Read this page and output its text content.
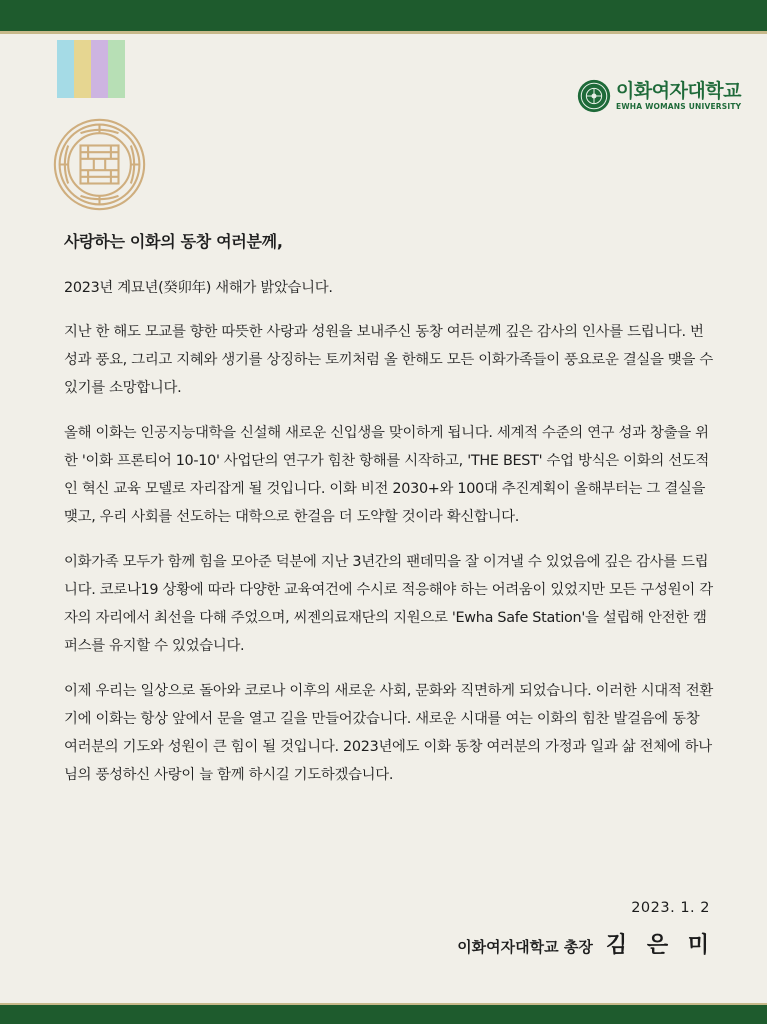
이화여자대학교
EWHA WOMANS UNIVERSITY

사랑하는 이화의 동창 여러분께,

2023년 계묘년(癸卯年) 새해가 밝았습니다.

지난 한 해도 모교를 향한 따뜻한 사랑과 성원을 보내주신 동창 여러분께 깊은 감사의 인사를 드립니다. 번성과 풍요, 그리고 지혜와 생기를 상징하는 토끼처럼 올 한해도 모든 이화가족들이 풍요로운 결실을 맺을 수 있기를 소망합니다.

올해 이화는 인공지능대학을 신설해 새로운 신입생을 맞이하게 됩니다. 세계적 수준의 연구 성과 창출을 위한 '이화 프론티어 10-10' 사업단의 연구가 힘찬 항해를 시작하고, 'THE BEST' 수업 방식은 이화의 선도적인 혁신 교육 모델로 자리잡게 될 것입니다. 이화 비전 2030+와 100대 추진계획이 올해부터는 그 결실을 맺고, 우리 사회를 선도하는 대학으로 한걸음 더 도약할 것이라 확신합니다.

이화가족 모두가 함께 힘을 모아준 덕분에 지난 3년간의 팬데믹을 잘 이겨낼 수 있었음에 깊은 감사를 드립니다. 코로나19 상황에 따라 다양한 교육여건에 수시로 적응해야 하는 어려움이 있었지만 모든 구성원이 각자의 자리에서 최선을 다해 주었으며, 씨젠의료재단의 지원으로 'Ewha Safe Station'을 설립해 안전한 캠퍼스를 유지할 수 있었습니다.

이제 우리는 일상으로 돌아와 코로나 이후의 새로운 사회, 문화와 직면하게 되었습니다. 이러한 시대적 전환기에 이화는 항상 앞에서 문을 열고 길을 만들어갔습니다. 새로운 시대를 여는 이화의 힘찬 발걸음에 동창 여러분의 기도와 성원이 큰 힘이 될 것입니다. 2023년에도 이화 동창 여러분의 가정과 일과 삶 전체에 하나님의 풍성하신 사랑이 늘 함께 하시길 기도하겠습니다.

2023. 1. 2
이화여자대학교 총장 김 은 미
